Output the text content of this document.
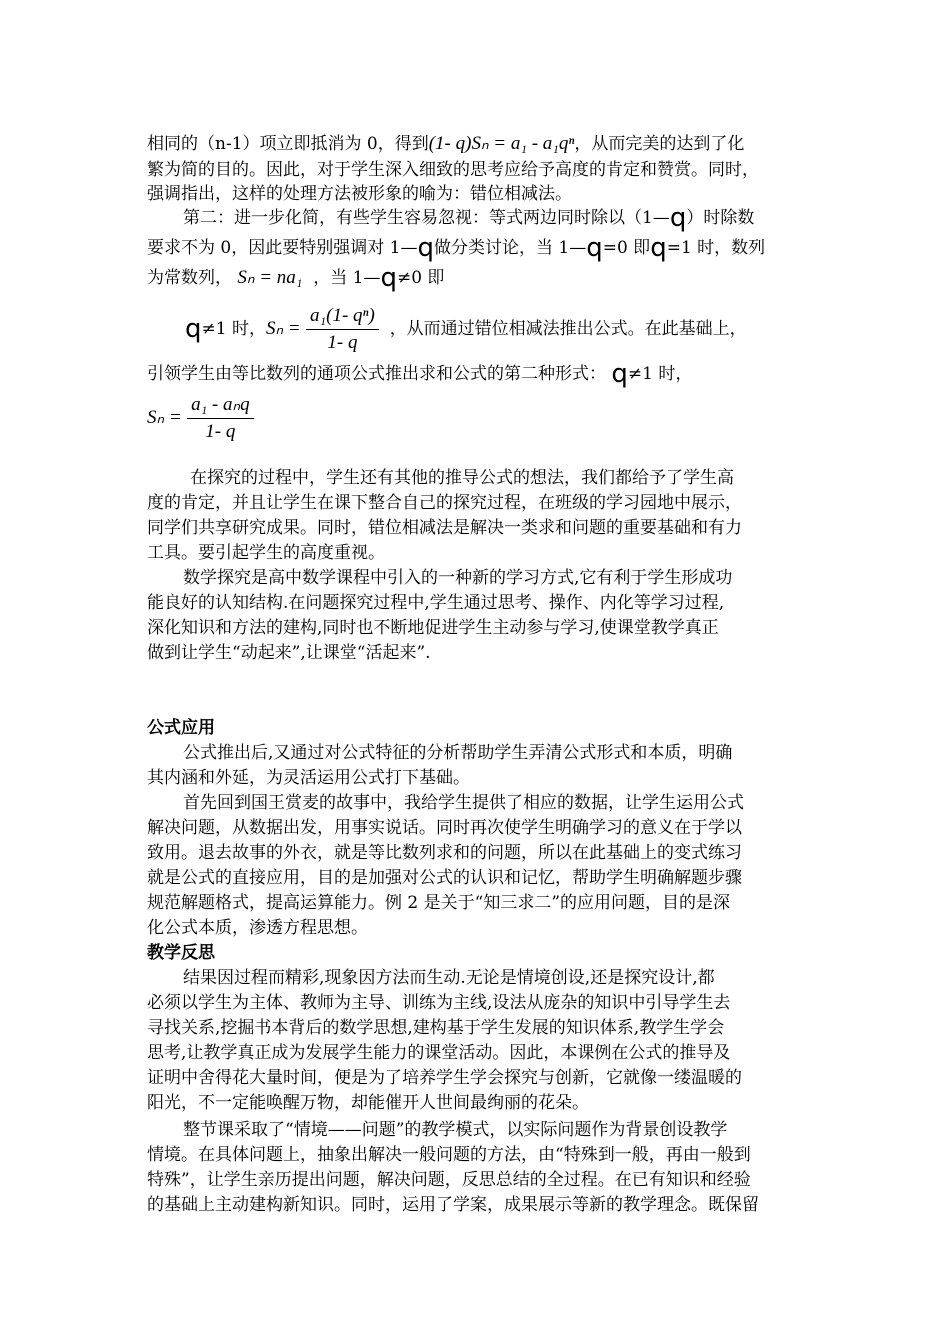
相同的（n-1）项立即抵消为 0，得到(1- q)Sₙ = a₁ - a₁qⁿ，从而完美的达到了化
繁为简的目的。因此，对于学生深入细致的思考应给予高度的肯定和赞赏。同时，
强调指出，这样的处理方法被形象的喻为：错位相减法。
第二：进一步化简，有些学生容易忽视：等式两边同时除以（1—q）时除数
要求不为 0，因此要特别强调对 1—q做分类讨论，当 1—q=0 即q=1 时，数列
为常数列， Sₙ = na₁ ，当 1—q≠0 即
q≠1 时，$S_n = \frac{\text{a₁(1- qⁿ)}}{1- q}$ ，从而通过错位相减法推出公式。在此基础上，
引领学生由等比数列的通项公式推出求和公式的第二种形式： q≠1 时，
$S_n = \frac{\text{a₁ - aₙq}}{1- q}$
在探究的过程中，学生还有其他的推导公式的想法，我们都给予了学生高
度的肯定，并且让学生在课下整合自己的探究过程，在班级的学习园地中展示，
同学们共享研究成果。同时，错位相减法是解决一类求和问题的重要基础和有力
工具。要引起学生的高度重视。
数学探究是高中数学课程中引入的一种新的学习方式,它有利于学生形成功
能良好的认知结构.在问题探究过程中,学生通过思考、操作、内化等学习过程,
深化知识和方法的建构,同时也不断地促进学生主动参与学习,使课堂教学真正
做到让学生“动起来”,让课堂“活起来”.
公式应用
公式推出后,又通过对公式特征的分析帮助学生弄清公式形式和本质，明确
其内涵和外延，为灵活运用公式打下基础。
首先回到国王赏麦的故事中，我给学生提供了相应的数据，让学生运用公式
解决问题，从数据出发，用事实说话。同时再次使学生明确学习的意义在于学以
致用。退去故事的外衣，就是等比数列求和的问题，所以在此基础上的变式练习
就是公式的直接应用，目的是加强对公式的认识和记忆，帮助学生明确解题步骤
规范解题格式，提高运算能力。例 2 是关于“知三求二”的应用问题，目的是深
化公式本质，渗透方程思想。
教学反思
结果因过程而精彩,现象因方法而生动.无论是情境创设,还是探究设计,都
必须以学生为主体、教师为主导、训练为主线,设法从庞杂的知识中引导学生去
寻找关系,挖掘书本背后的数学思想,建构基于学生发展的知识体系,教学生学会
思考,让教学真正成为发展学生能力的课堂活动。因此，本课例在公式的推导及
证明中舍得花大量时间，便是为了培养学生学会探究与创新，它就像一缕温暖的
阳光，不一定能唤醒万物，却能催开人世间最绚丽的花朵。
整节课采取了“情境——问题”的教学模式，以实际问题作为背景创设教学
情境。在具体问题上，抽象出解决一般问题的方法，由“特殊到一般，再由一般到
特殊”，让学生亲历提出问题，解决问题，反思总结的全过程。在已有知识和经验
的基础上主动建构新知识。同时，运用了学案，成果展示等新的教学理念。既保留
